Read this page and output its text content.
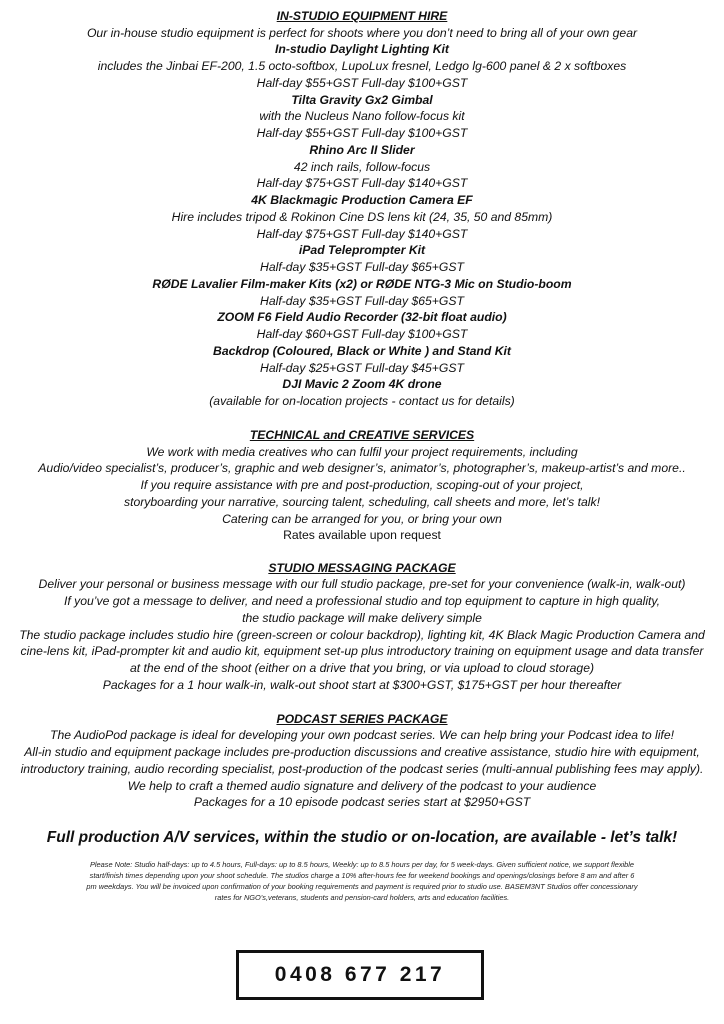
IN-STUDIO EQUIPMENT HIRE
Our in-house studio equipment is perfect for shoots where you don’t need to bring all of your own gear
In-studio Daylight Lighting Kit
includes the Jinbai EF-200, 1.5 octo-softbox, LupoLux fresnel, Ledgo lg-600 panel & 2 x softboxes
Half-day $55+GST Full-day $100+GST
Tilta Gravity Gx2 Gimbal
with the Nucleus Nano follow-focus kit
Half-day $55+GST Full-day $100+GST
Rhino Arc II Slider
42 inch rails, follow-focus
Half-day $75+GST Full-day $140+GST
4K Blackmagic Production Camera EF
Hire includes tripod & Rokinon Cine DS lens kit (24, 35, 50 and 85mm)
Half-day $75+GST Full-day $140+GST
iPad Teleprompter Kit
Half-day $35+GST Full-day $65+GST
RØDE Lavalier Film-maker Kits (x2) or RØDE NTG-3 Mic on Studio-boom
Half-day $35+GST Full-day $65+GST
ZOOM F6 Field Audio Recorder (32-bit float audio)
Half-day $60+GST Full-day $100+GST
Backdrop (Coloured, Black or White ) and Stand Kit
Half-day $25+GST Full-day $45+GST
DJI Mavic 2 Zoom 4K drone
(available for on-location projects - contact us for details)
TECHNICAL and CREATIVE SERVICES
We work with media creatives who can fulfil your project requirements, including
Audio/video specialist’s, producer’s, graphic and web designer’s, animator’s, photographer’s, makeup-artist’s and more..
If you require assistance with pre and post-production, scoping-out of your project,
storyboarding your narrative, sourcing talent, scheduling, call sheets and more, let’s talk!
Catering can be arranged for you, or bring your own
Rates available upon request
STUDIO MESSAGING PACKAGE
Deliver your personal or business message with our full studio package, pre-set for your convenience (walk-in, walk-out)
If you’ve got a message to deliver, and need a professional studio and top equipment to capture in high quality,
the studio package will make delivery simple
The studio package includes studio hire (green-screen or colour backdrop), lighting kit, 4K Black Magic Production Camera and
cine-lens kit, iPad-prompter kit and audio kit, equipment set-up plus introductory training on equipment usage and data transfer
at the end of the shoot (either on a drive that you bring, or via upload to cloud storage)
Packages for a 1 hour walk-in, walk-out shoot start at $300+GST, $175+GST per hour thereafter
PODCAST SERIES PACKAGE
The AudioPod package is ideal for developing your own podcast series. We can help bring your Podcast idea to life!
All-in studio and equipment package includes pre-production discussions and creative assistance, studio hire with equipment,
introductory training, audio recording specialist, post-production of the podcast series (multi-annual publishing fees may apply).
We help to craft a themed audio signature and delivery of the podcast to your audience
Packages for a 10 episode podcast series start at $2950+GST
Full production A/V services, within the studio or on-location, are available - let’s talk!
Please Note: Studio half-days: up to 4.5 hours, Full-days: up to 8.5 hours, Weekly: up to 8.5 hours per day, for 5 week-days. Given sufficient notice, we support flexible
start/finish times depending upon your shoot schedule. The studios charge a 10% after-hours fee for weekend bookings and openings/closings before 8 am and after 6
pm weekdays. You will be invoiced upon confirmation of your booking requirements and payment is required prior to studio use. BASEM3NT Studios offer concessionary
rates for NGO’s,veterans, students and pension-card holders, arts and education facilities.
0408 677 217
